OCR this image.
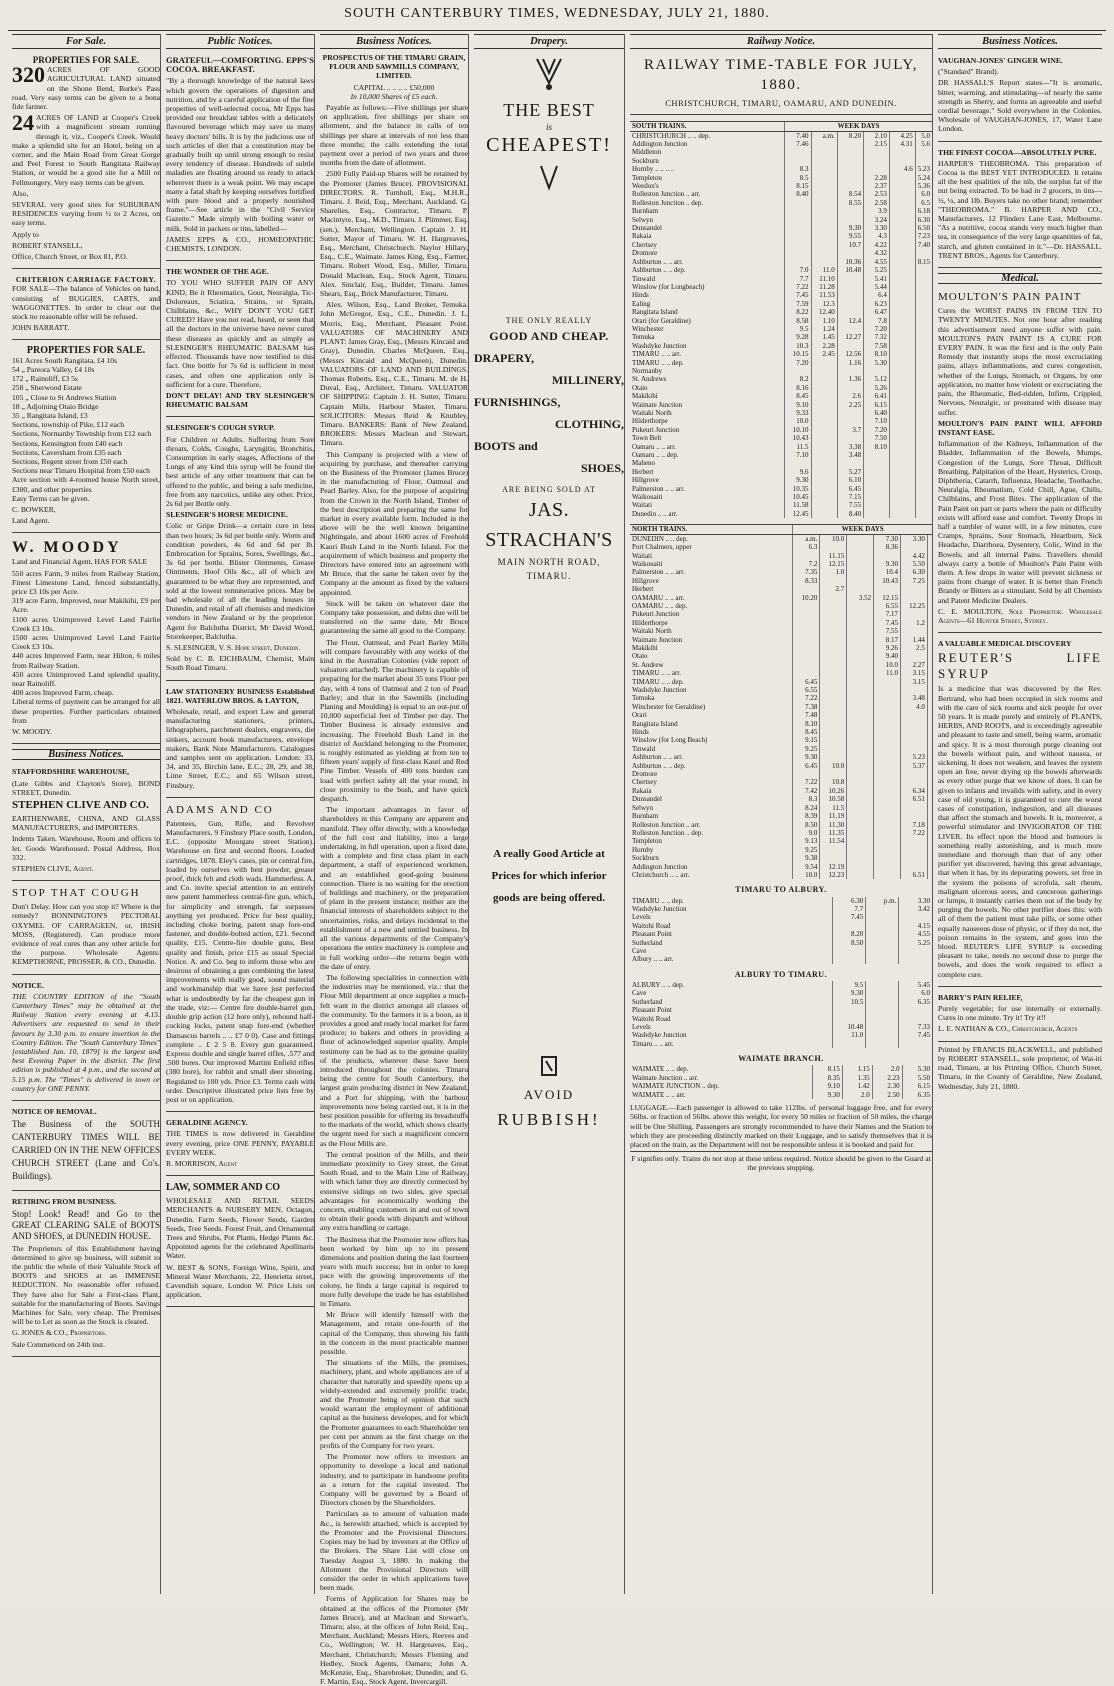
SOUTH CANTERBURY TIMES, WEDNESDAY, JULY 21, 1880.
For Sale.
PROPERTIES FOR SALE.

320 ACRES OF GOOD AGRICULTURAL LAND situated on the Shone Bend, Burke's Pass road. Very easy terms can be given to a bona fide farmer.

24 ACRES OF LAND at Cooper's Creek with a magnificent stream running through it, viz., Cooper's Creek. Would make a splendid site for an Hotel, being on a corner, and the Main Road from Great Gorge and Peel Forest to South Rangitata Railway Station, or would be a good site for a Mill or Fellmongery. Very easy terms can be given.

Also,

SEVERAL very good sites for SUBURBAN RESIDENCES varying from ½ to 2 Acres, on easy terms.

Apply to

ROBERT STANSELL,

Office, Church Street, or Box 81, P.O.

CRITERION CARRIAGE FACTORY.

FOR SALE—The balance of Vehicles on hand, consisting of BUGGIES, CARTS, and WAGGONETTES. In order to clear out the stock no reasonable offer will be refused.

JOHN BARRATT.

PROPERTIES FOR SALE.

161 Acres South Rangitata, £4 10s

54 „ Pareora Valley, £4 10s

172 „ Rainoliff, £3 5s

258 „ Sherwood Estate

105 „ Close to St Andrews Station

18 „ Adjoining Otaio Bridge

35 „ Rangitata Island, £3

Sections, township of Pike, £12 each

Sections, Normanby Township from £12 each

Sections, Kensington from £40 each

Sections, Caversham from £35 each

Sections, Regent street from £50 each

Sections near Timaru Hospital from £50 each

Acre section with 4-roomed house North street, £300, and other properties

Easy Terms can be given.

C. BOWKER,

Land Agent.

W. MOODY

Land and Financial Agent, HAS FOR SALE

550 acres Farm, 9 miles from Railway Station, Finest Limestone Land, fenced substantially, price £3 10s per Acre.

319 acre Farm, Improved, near Makikihi, £9 per Acre.

1100 acres Unimproved Level Land Fairlie Creek £3 10s.

1500 acres Unimproved Level Land Fairlie Creek £3 10s.

440 acres Improved Farm, near Hilton, 6 miles from Railway Station.

450 acres Unimproved Land splendid quality, near Rainoliff.

400 acres Improved Farm, cheap.

Liberal terms of payment can be arranged for all these properties. Further particulars obtained from

W. MOODY.

Business Notices.

STAFFORDSHIRE WAREHOUSE,

(Late Gibbs and Clayton's Store), BOND STREET, Dunedin.

STEPHEN CLIVE AND CO.

EARTHENWARE, CHINA, AND GLASS MANUFACTURERS, and IMPORTERS.

Indents Taken. Warehouse, Room and offices to let. Goods Warehoused. Postal Address, Box 332.

STEPHEN CLIVE, Agent.

STOP THAT COUGH

Don't Delay. How can you stop it? Where is the remedy? BONNINGTON'S PECTORAL OXYMEL OF CARRAGEEN, or, IRISH MOSS, (Registered). Can produce more evidence of real cures than any other article for the purpose. Wholesale Agents: KEMPTHORNE, PROSSER, & CO., Dunedin.

NOTICE.

THE COUNTRY EDITION of the "South Canterbury Times" may be obtained at the Railway Station every evening at 4.15. Advertisers are requested to send in their favours by 3.30 p.m. to ensure insertion in the Country Edition. The "South Canterbury Times" [established Jan. 10, 1879] is the largest and best Evening Paper in the district. The first edition is published at 4 p.m., and the second at 5.15 p.m. The "Times" is delivered in town or country for ONE PENNY.

NOTICE OF REMOVAL.

The Business of the SOUTH CANTERBURY TIMES WILL BE CARRIED ON IN THE NEW OFFICES CHURCH STREET (Lane and Co's. Buildings).

RETIRING FROM BUSINESS.

Stop! Look! Read! and Go to the GREAT CLEARING SALE of BOOTS AND SHOES, at DUNEDIN HOUSE.

The Proprietors of this Establishment having determined to give up business, will submit to the public the whole of their Valuable Stock of BOOTS and SHOES at an IMMENSE REDUCTION. No reasonable offer refused. They have also for Sale a First-class Plant, suitable for the manufacturing of Boots. Savings Machines for Sale, very cheap. The Premises will be to Let as soon as the Stock is cleared.

G. JONES & CO., Proprietors.

Sale Commenced on 24th inst.

Public Notices.

GRATEFUL—COMFORTING. EPPS'S COCOA. BREAKFAST.

"By a thorough knowledge of the natural laws which govern the operations of digestion and nutrition, and by a careful application of the fine properties of well-selected cocoa, Mr Epps has provided our breakfast tables with a delicately flavoured beverage which may save us many heavy doctors' bills. It is by the judicious use of such articles of diet that a constitution may be gradually built up until strong enough to resist every tendency of disease. Hundreds of subtle maladies are floating around us ready to attack wherever there is a weak point. We may escape many a fatal shaft by keeping ourselves fortified with pure blood and a properly nourished frame."—See article in the "Civil Service Gazette." Made simply with boiling water or milk. Sold in packets or tins, labelled—

JAMES EPPS & CO., HOMŒOPATHIC CHEMISTS, LONDON.

THE WONDER OF THE AGE.

TO YOU WHO SUFFER PAIN OF ANY KIND, Be it Rheumatics, Gout, Neuralgia, Tic-Doloreaux, Sciatica, Strains, or Sprain, Chilblains, &c., WHY DON'T YOU GET CURED? Have you not read, heard, or seen that all the doctors in the universe have never cured these diseases as quickly and as simply as SLESINGER'S RHEUMATIC BALSAM has effected. Thousands have now testified to this fact. One bottle for 7s 6d is sufficient in most cases, and often one application only is sufficient for a cure. Therefore,

DON'T DELAY! AND TRY SLESINGER'S RHEUMATIC BALSAM

SLESINGER'S COUGH SYRUP.

For Children or Adults. Suffering from Sore throats, Colds, Coughs, Laryngitis, Bronchitis, Consumption in early stages, Affections of the Lungs of any kind this syrup will be found the best article of any other treatment that can be offered to the public, and being a safe medicine, free from any narcotics, unlike any other. Price, 2s 6d per Bottle only.

SLESINGER'S HORSE MEDICINE.

Colic or Gripe Drink—a certain cure in less than two hours; 3s 6d per bottle only. Worm and condition powders, 4s 6d and 6d per lb. Embrocation for Sprains, Sores, Swellings, &c., 3s 6d per bottle. Blister Ointments, Grease Ointments, Hoof Oils &c., all of which are guaranteed to be what they are represented, and sold at the lowest remunerative prices. May be had wholesale of all the leading houses in Dunedin, and retail of all chemists and medicine vendors in New Zealand or by the proprietor. Agent for Balclutha District, Mr David Wood, Storekeeper, Balclutha.

S. SLESINGER, V. S. Hope street, Dunedin.

Sold by C. B. EICHBAUM, Chemist, Main South Road Timaru.

LAW STATIONERY BUSINESS Established 1821. WATERLOW BROS. & LAYTON,

Wholesale, retail, and export Law and general manufacturing stationers, printers, lithographers, parchment dealers, engravers, die sinkers, account book manufacturers, envelope makers, Bank Note Manufacturers. Catalogues and samples sent on application. London: 33, 34, and 35, Birchin lane, E.C.; 28, 29, and 38, Lime Street, E.C.; and 65 Wilson street, Finsbury.

ADAMS AND CO

Patentees, Gun, Rifle, and Revolver Manufacturers, 9 Finsbury Place south, London, E.C. (opposite Moorgate street Station). Warehouse on first and second floors. Loaded cartridges, 1878. Eley's cases, pin or central fire, loaded by ourselves with best powder, grease proof, thick felt and cloth wads. Hammerless. A. and Co. invite special attention to an entirely new patent hammerless central-fire gun, which, for simplicity and strength, far surpasses anything yet produced. Price for best quality, including choke boring, patent snap fore-end fastener, and double-bolted action, £21. Second quality, £15. Centre-fire double guns, Best quality and finish, price £15 as usual Special Notice. A. and Co. beg to inform those who are desirous of obtaining a gun combining the latest improvements with really good, sound material and workmanship that we have just perfected what is undoubtedly by far the cheapest gun in the trade, viz:— Centre fire double-barrel gun, double grip action (12 bore only), rebound half-cocking locks, patent snap fore-end (whether Damascus barrels .. .. £7 0 0). Case and fittings complete .. £ 2 5 8. Every gun guaranteed. Express double and single barrel rifles, .577 and .500 bores. Our improved Martini Enfield rifles (380 bore), for rabbit and small deer shooting. Regulated to 100 yds. Price £3. Terms cash with order. Descriptive illustrated price lists free by post or on application.

GERALDINE AGENCY.

THE TIMES is now delivered in Geraldine every evening, price ONE PENNY, PAYABLE EVERY WEEK.

R. MORRISON, Agent

LAW, SOMMER AND CO

WHOLESALE AND RETAIL SEEDS MERCHANTS & NURSERY MEN, Octagon, Dunedin. Farm Seeds, Flower Seeds, Garden Seeds, Tree Seeds. Forest Fruit, and Ornamental Trees and Shrubs, Pot Plants, Hedge Plants &c. Appointed agents for the celebrated Apollinaris Water.

W. BEST & SONS, Foreign Wine, Spirit, and Mineral Water Merchants, 22, Henrietta street, Cavendish square, London W. Price Lists on application.

Business Notices.

PROSPECTUS OF THE TIMARU GRAIN, FLOUR AND SAWMILLS COMPANY, LIMITED.

CAPITAL .. .. .. .. £50,000

In 10,000 Shares of £5 each.

Payable as follows:—Five shillings per share on application, five shillings per share on allotment, and the balance in calls of ten shillings per share at intervals of not less than three months; the calls extending the total payment over a period of two years and three months from the date of allotment.

2500 Fully Paid-up Shares will be retained by the Promoter (James Bruce). PROVISIONAL DIRECTORS. R. Turnbull, Esq., M.H.R., Timaru. J. Reid, Esq., Merchant, Auckland. G. Sharelies, Esq., Contractor, Timaru. P. Macintyre, Esq., M.D., Timaru. J. Plimmer, Esq. (sen.), Merchant, Wellington. Captain J. H. Sutter, Mayor of Timaru. W. H. Hargreaves, Esq., Merchant, Christchurch. Naylor Hillary, Esq., C.E., Waimate. James King, Esq., Farmer, Timaru. Robert Wood, Esq., Miller, Timaru. Donald Maclean, Esq., Stock Agent, Timaru. Alex. Sinclair, Esq., Builder, Timaru. James Shears, Esq., Brick Manufacturer, Timaru.

Alex. Wilson, Esq., Land Broker, Temuka. John McGregor, Esq., C.E., Dunedin. J. L. Morris, Esq., Merchant, Pleasant Point. VALUATORS OF MACHINERY AND PLANT: James Gray, Esq., (Messrs Kincaid and Gray), Dunedin. Charles McQueen, Esq., (Messrs Kincaid and McQueen), Dunedin. VALUATORS OF LAND AND BUILDINGS. Thomas Roberts, Esq., C.E., Timaru. M. de H. Duval, Esq., Architect, Timaru. VALUATOR OF SHIPPING: Captain J. H. Sutter, Timaru. Captain Mills, Harbour Master, Timaru. SOLICITORS: Messrs Reid & Knubley, Timaru. BANKERS: Bank of New Zealand. BROKERS: Messrs Maclean and Stewart, Timaru.

This Company is projected with a view of acquiring by purchase, and thereafter carrying on the Business of the Promoter (James Bruce) in the manufacturing of Flour, Oatmeal and Pearl Barley. Also, for the purpose of acquiring from the Crown in the North Island, Timber of the best description and preparing the same for market in every available form. Included in the above will be the well known brigantine Nightingale, and about 1600 acres of Freehold Kauri Bush Land in the North Island. For the acquirement of which business and property the Directors have entered into an agreement with Mr Bruce, that the same be taken over by the Company at the amount as fixed by the valuers appointed.

Stock will be taken on whatever date the Company take possession, and debts due will be transferred on the same date, Mr Bruce guaranteeing the same all good to the Company.

The Flour, Oatmeal, and Pearl Barley Mills will compare favourably with any works of the kind in the Australian Colonies (vide report of valuators attached). The machinery is capable of preparing for the market about 35 tons Flour per day, with 4 tons of Oatmeal and 2 ton of Pearl Barley; and that in the Sawmills (including Planing and Moulding) is equal to an out-put of 10,000 superficial feet of Timber per day. The Timber Business is already extensive and increasing. The Freehold Bush Land in the district of Auckland belonging to the Promoter, is roughly estimated as yielding at from ten to fifteen years' supply of first-class Kauri and Red Pine Timber. Vessels of 400 tons burden can load with perfect safety all the year round, in close proximity to the bush, and have quick despatch.

The important advantages in favor of shareholders in this Company are apparent and manifold. They offer directly, with a knowledge of the full cost and liability, into a large undertaking, in full operation, upon a fixed date, with a complete and first class plant in each department, a staff of experienced workmen, and an established good-going business connection. There is no waiting for the erection of buildings and machinery, or the preparation of plant in the present instance; neither are the financial interests of shareholders subject to the uncertainties, risks, and delays incidental to the establishment of a new and untried business. In all the various departments of the Company's operations the entire machinery is complete and in full working order—the returns begin with the date of entry.

The following specialities in connection with the industries may be mentioned, viz.: that the Flour Mill department at once supplies a much-felt want in the district amongst all classes of the community. To the farmers it is a boon, as it provides a good and ready local market for farm produce; to bakers and others in providing a flour of acknowledged superior quality. Ample testimony can be had as to the genuine quality of the products, wherever these have been introduced throughout the colonies. Timaru being the centre for South Canterbury, the largest grain producing district in New Zealand, and a Port for shipping, with the harbour improvements now being carried out, it is in the best position possible for offering its breadstuffs to the markets of the world, which shows clearly the urgent need for such a magnificent concern as the Flour Mills are.

The central position of the Mills, and their immediate proximity to Grey street, the Great South Road, and to the Main Line of Railway, with which latter they are directly connected by extensive sidings on two sides, give special advantages for economically working the concern, enabling customers in and out of town to obtain their goods with dispatch and without any extra handling or cartage.

The Business that the Promoter now offers has been worked by him up to its present dimensions and position during the last fourteen years with much success; but in order to keep pace with the growing improvements of the colony, he finds a large capital is required to more fully develope the trade he has established in Timaru.

Mr Bruce will identify himself with the Management, and retain one-fourth of the capital of the Company, thus showing his faith in the concern in the most practicable manner possible.

The situations of the Mills, the premises, machinery, plant, and whole appliances are of a character that naturally and speedily opens up a widely-extended and extremely prolific trade, and the Promoter being of opinion that such would warrant the employment of additional capital as the business developes, and for which the Promoter guarantees to each Shareholder ten per cent per annum as the first charge on the profits of the Company for two years.

The Promoter now offers to investors an opportunity to develope a local and national industry, and to participate in handsome profits as a return for the capital invested. The Company will be governed by a Board of Directors chosen by the Shareholders.

Particulars as to amount of valuation made &c., is herewith attached, which is accepted by the Promoter and the Provisional Directors. Copies may be had by investors at the Office of the Brokers. The Share List will close on Tuesday August 3, 1880. In making the Allotment the Provisional Directors will consider the order in which applications have been made.

Forms of Application for Shares may be obtained at the offices of the Promoter (Mr James Bruce), and at Maclean and Stewart's, Timaru; also, at the offices of John Reid, Esq., Merchant, Auckland; Messrs Hiers, Reeves and Co., Wellington; W. H. Hargreaves, Esq., Merchant, Christchurch; Messrs Fleming and Hedley, Stock Agents, Oamaru; John A. McKenzie, Esq., Sharebroker, Dunedin; and G. F. Martin, Esq., Stock Agent, Invercargill.

Drapery.
THE BEST
is
CHEAPEST!
THE ONLY REALLY
GOOD AND CHEAP.
DRAPERY,
MILLINERY,
FURNISHINGS,
CLOTHING,
BOOTS and
SHOES,
ARE BEING SOLD AT
JAS. STRACHAN'S
MAIN NORTH ROAD,
TIMARU.
A really Good Article at
Prices for which inferior
goods are being offered.
AVOID
RUBBISH!
Railway Notice.
RAILWAY TIME-TABLE FOR JULY, 1880.
CHRISTCHURCH, TIMARU, OAMARU, AND DUNEDIN.
SOUTH TRAINS.	WEEK DAYS					
CHRISTCHURCH .. .. dep.	7.40	a.m.	8.20	2.10	4.25	5.0
Addington Junction	7.46			2.15	4.31	5.6
Middleton						
Sockburn						
Hornby .. .. .. ..	8.3				4.6	5.23
Templeton	8.5			2.28		5.24
Weedon's	8.15			2.37		5.36
Rolleston Junction .. arr.	8.40		8.54	2.53		6.0
Rolleston Junction .. dep.			8.55	2.58		6.5
Burnham				3.9		6.18
Selwyn				3.24		6.30
Dunsandel			9.30	3.30		6.50
Rakaia			9.55	4.3		7.23
Chertsey			10.7	4.22		7.40
Dromore				4.32		
Ashburton .. .. arr.			10.36	4.55		8.15
Ashburton .. .. dep.	7.0	11.0	10.48	5.25		
Tinwald	7.7	11.10		5.41		
Winslow (for Longbeach)	7.22	11.28		5.44		
Hinds	7.45	11.53		6.4		
Ealing	7.59	12.3		6.23		
Rangitata Island	8.22	12.40		6.47		
Orari (for Geraldine)	8.58	1.10	12.4	7.8		
Winchester	9.5	1.24		7.20		
Temuka	9.28	1.45	12.27	7.32		
Washdyke Junction	10.3	2.28		7.58		
TIMARU .. .. arr.	10.15	2.45	12.56	8.10		
TIMARU .. .. dep.	7.20		1.16	5.30		
Normanby						
St. Andrews	8.2		1.36	5.12		
Otaio	8.16			5.26		
Makikihi	8.45		2.6	6.41		
Waimate Junction	9.10		2.25	6.15		
Waitaki North	9.33			6.40		
Hilderthorpe	10.0			7.10		
Pukeuri Junction	10.10		3.7	7.20		
Town Belt	10.43			7.50		
Oamaru .. .. arr.	11.5		3.38	8.10		
Oamaru .. .. dep.	7.10		3.48			
Maheno						
Herbert	9.6		5.27			
Hillgrove	9.30		6.10			
Palmerston .. .. arr.	10.35		6.45			
Waikouaiti	10.45		7.15			
Waitati	11.58		7.55			
Dunedin .. .. arr.	12.45		8.40			
NORTH TRAINS.	WEEK DAYS					
DUNEDIN .. .. dep.	a.m.	10.0		7.30	3.30	
Port Chalmers, upper	6.3			8.36		
Waitati		11.15			4.42	
Waikouaiti	7.2	12.15		9.30	5.50	
Palmerston .. .. arr.	7.35	1.0		10.4	6.30	
Hillgrove	8.33			10.43	7.25	
Herbert		2.7				
OAMARU .. .. arr.	10.20		3.52	12.15		
OAMARU .. .. dep.				6.55	12.25	
Pukeuri Junction				7.17		
Hilderthorpe				7.45	1.2	
Waitaki North				7.55		
Waimate Junction				8.17	1.44	
Makikihi				9.26	2.5	
Otaio				9.40		
St. Andrew				10.0	2.27	
TIMARU .. .. arr.				11.0	3.15	
TIMARU .. .. dep.	6.45				3.15	
Washdyke Junction	6.55					
Temuka	7.22				3.48	
Winchester for Geraldine)	7.38				4.0	
Orari	7.48					
Rangitata Island	8.10					
Hinds	8.45					
Winslow (for Long Beach)	9.15					
Tinwald	9.25					
Ashburton .. .. arr.	9.30				5.23	
Ashburton .. .. dep.	6.45	10.0			5.37	
Dromore						
Chertsey	7.22	10.8				
Rakaia	7.42	10.26			6.34	
Dunsandel	8.3	10.58			6.51	
Selwyn	8.24	11.5				
Burnham	8.39	11.19				
Rolleston Junction .. arr.	8.50	11.30			7.18	
Rolleston Junction .. dep.	9.0	11.35			7.22	
Templeton	9.13	11.54				
Hornby	9.25					
Sockburn	9.38					
Addington Junction	9.54	12.19				
Christchurch .. .. arr.	10.0	12.23			6.51	
TIMARU TO ALBURY.
TIMARU .. .. dep.	6.30	p.m.	3.30
Washdyke Junction	7.7		3.42
Levels	7.45		
Waitohi Road			4.15
Pleasant Point	8.20		4.55
Sutherland	8.50		5.25
Cave			
Albury .. .. arr.			
ALBURY TO TIMARU.
ALBURY .. .. dep.	9.5		5.45
Cave	9.30		6.0
Sutherland	10.5		6.35
Pleasant Point			
Waitohi Road			
Levels	10.48		7.33
Washdyke Junction	11.0		7.45
Timaru .. .. arr.			
WAIMATE BRANCH.
WAIMATE .. .. dep.	8.15	1.15	2.0	5.30
Waimate Junction .. arr.	8.35	1.35	2.23	5.50
WAIMATE JUNCTION .. dep.	9.10	1.42	2.30	6.15
WAIMATE .. .. arr.	9.30	2.0	2.50	6.35

LUGGAGE.—Each passenger is allowed to take 112lbs. of personal luggage free, and for every 56lbs. or fraction of 56lbs. above this weight, for every 50 miles or fraction of 50 miles, the charge will be One Shilling. Passengers are strongly recommended to have their Names and the Station to which they are proceeding distinctly marked on their Luggage, and to satisfy themselves that it is placed on the train, as the Department will not be responsible unless it is booked and paid for.

F signifies only. Trains do not stop at these unless required. Notice should be given to the Guard at the previous stopping.

Business Notices.

VAUGHAN-JONES' GINGER WINE.

("Standard" Brand).

DR HASSALL'S Report states—"It is aromatic, bitter, warming, and stimulating—of nearly the same strength as Sherry, and forms an agreeable and useful cordial beverage." Sold everywhere in the Colonies. Wholesale of VAUGHAN-JONES, 17, Water Lane London.

THE FINEST COCOA—ABSOLUTELY PURE.

HARPER'S THEOBROMA. This preparation of Cocoa is the BEST YET INTRODUCED. It retains all the best qualities of the nib, the surplus fat of the nut being extracted. To be had in 2 grocers, in tins—½, ¼, and 1lb. Buyers take no other brand; remember "THEOBROMA." B. HARPER AND CO., Manufacturers, 12 Flinders Lane East, Melbourne. "As a nutritive, cocoa stands very much higher than tea, in consequence of the very large quantities of fat, starch, and gluten contained in it."—Dr. HASSALL. TRENT BROS., Agents for Canterbury.

Medical.

MOULTON'S PAIN PAINT

Cures the WORST PAINS IN FROM TEN TO TWENTY MINUTES. Not one hour after reading this advertisement need anyone suffer with pain. MOULTON'S PAIN PAINT IS A CURE FOR EVERY PAIN. It was the first and is the only Pain Remedy that instantly stops the most excruciating pains, allays inflammations, and cures congestion, whether of the Lungs, Stomach, or Organs, by one application, no matter how violent or excruciating the pain, the Rheumatic, Bed-ridden, Infirm, Crippled, Nervous, Neuralgic, or prostrated with disease may suffer.

MOULTON'S PAIN PAINT WILL AFFORD INSTANT EASE.

Inflammation of the Kidneys, Inflammation of the Bladder, Inflammation of the Bowels, Mumps, Congestion of the Lungs, Sore Throat, Difficult Breathing, Palpitation of the Heart, Hysterics, Croup, Diphtheria, Catarrh, Influenza, Headache, Toothache, Neuralgia, Rheumatism, Cold Chill, Ague, Chills, Chilblains, and Frost Bites. The application of the Pain Paint on part or parts where the pain or difficulty exists will afford ease and comfort. Twenty Drops in half a tumbler of water will, in a few minutes, cure Cramps, Sprains, Sour Stomach, Heartburn, Sick Headache, Diarrhoea, Dysentery, Colic, Wind in the Bowels, and all internal Pains. Travellers should always carry a bottle of Moulton's Pain Paint with them. A few drops in water will prevent sickness or pains from change of water. It is better than French Brandy or Bitters as a stimulant. Sold by all Chemists and Patent Medicine Dealers.

C. E. MOULTON, Sole Proprietor. Wholesale Agents—61 Hunter Street, Sydney.

A VALUABLE MEDICAL DISCOVERY

REUTER'S LIFE SYRUP

Is a medicine that was discovered by the Rev. Bertrand, who had been occupied in sick rooms and with the care of sick rooms and sick people for over 50 years. It is made purely and entirely of PLANTS, HERBS, AND ROOTS, and is exceedingly agreeable and pleasant to taste and smell, being warm, aromatic and spicy. It is a most thorough purge cleaning out the bowels without pain, and without nausea, or sickening. It does not weaken, and leaves the system open an free, never drying up the bowels afterwards as every other purge that we know of does. It can be given to infants and invalids with safety, and in every case of old young, it is guaranteed to cure the worst cases of constipation, indigestion, and all diseases that affect the stomach and bowels. It is, moreover, a powerful stimulator and INVIGORATOR OF THE LIVER. Its effect upon the blood and humours is something really astonishing, and is much more immediate and thorough than that of any other purifier yet discovered, having this great advantage, that when it has, by its depurating powers, set free in the system the poisons of scrofula, salt rheum, malignant ulcerous sores, and cancerous gatherings or lumps, it instantly carries them out of the body by purging the bowels. No other purifier does this: with all of them the patient must take pills, or some other equally nauseous dose of physic, or if they do not, the poison remains in the system, and goes into the blood. REUTER'S LIFE SYRUP is exceeding pleasant to take, needs no second dose to purge the bowels, and does the work required to effect a complete cure.

BARRY'S PAIN RELIEF,

Purely vegetable; for use internally or externally. Cures in one minute. Try it! Try it!!

L. E. NATHAN & CO., Christchurch, Agents

Printed by FRANCIS BLACKWELL, and published by ROBERT STANSELL, sole proprietor, of Wai-iti road, Timaru, at his Printing Office, Church Street, Timaru, in the County of Geraldine, New Zealand, Wednesday, July 21, 1880.
